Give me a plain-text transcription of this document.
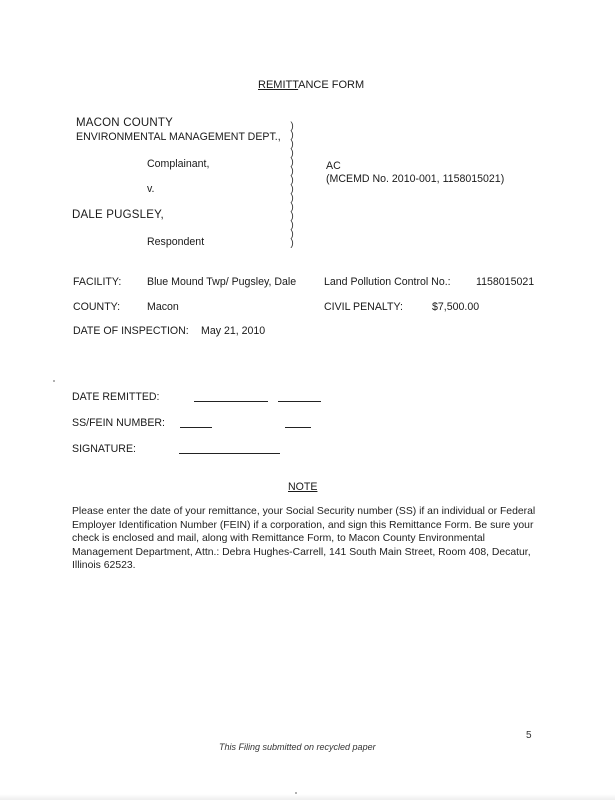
REMITTANCE FORM
MACON COUNTY
ENVIRONMENTAL MANAGEMENT DEPT.,
Complainant,
v.
DALE PUGSLEY,
Respondent
)
)
)
)
)
)
)
)
)
)
)
)
)
)
AC
(MCEMD No. 2010-001, 1158015021)
FACILITY: Blue Mound Twp/ Pugsley, Dale	Land Pollution Control No.: 1158015021
COUNTY:	Macon	CIVIL PENALTY:	$7,500.00
DATE OF INSPECTION: May 21, 2010
DATE REMITTED:
SS/FEIN NUMBER:
SIGNATURE:
NOTE

Please enter the date of your remittance, your Social Security number (SS) if an individual or Federal Employer Identification Number (FEIN) if a corporation, and sign this Remittance Form. Be sure your check is enclosed and mail, along with Remittance Form, to Macon County Environmental Management Department, Attn.: Debra Hughes-Carrell, 141 South Main Street, Room 408, Decatur, Illinois 62523.

5
This Filing submitted on recycled paper
